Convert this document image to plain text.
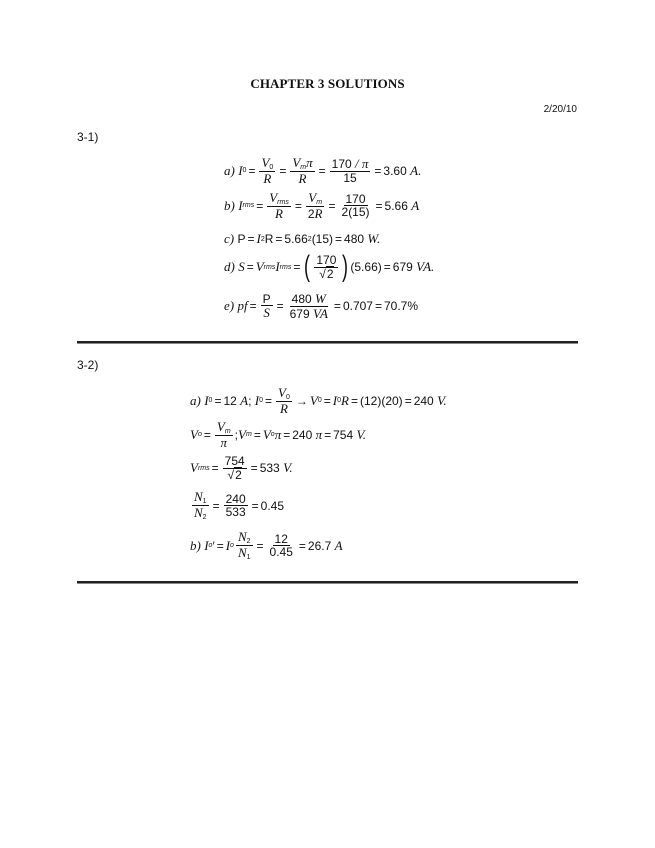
CHAPTER 3 SOLUTIONS
2/20/10
3-1)
a)
I $0 = \frac{V0}{R} = \frac{V_m\pi}{R} = \frac{170 / \pi}{15} = 3.60$
A.
b)
I rms = $\frac{V_{rms}}{R} = \frac{V_m}{2R} = \frac{170}{2(15)} = 5.66$
A
c)
P = I 2 R = 5.66 2 (15) = 480
W.
d)
S = V rms I rms = ( $\frac{170}{√2}$ ) (5.66) = 679
VA.
e)
pf = $\frac{P}{S} = \frac{480 W}{679 VA} = 0.707 = 70.7\%$
3-2)
a)
I 0 = 12
A ; I $0 = \frac{V0}{R} \to V$ 0 = I 0 R = (12)(20) = 240
V.
V $o = \frac{V_m}{\pi}$ ; V m = V o π = 240
π = 754
V.
V rms = $\frac{754}{√2} = 533$
V.
$\frac{N1}{N2} = \frac{240}{533} = 0.45$
b)
I o ′ = I o $\frac{N2}{N1} = \frac{12}{0.45} = 26.7$
A
